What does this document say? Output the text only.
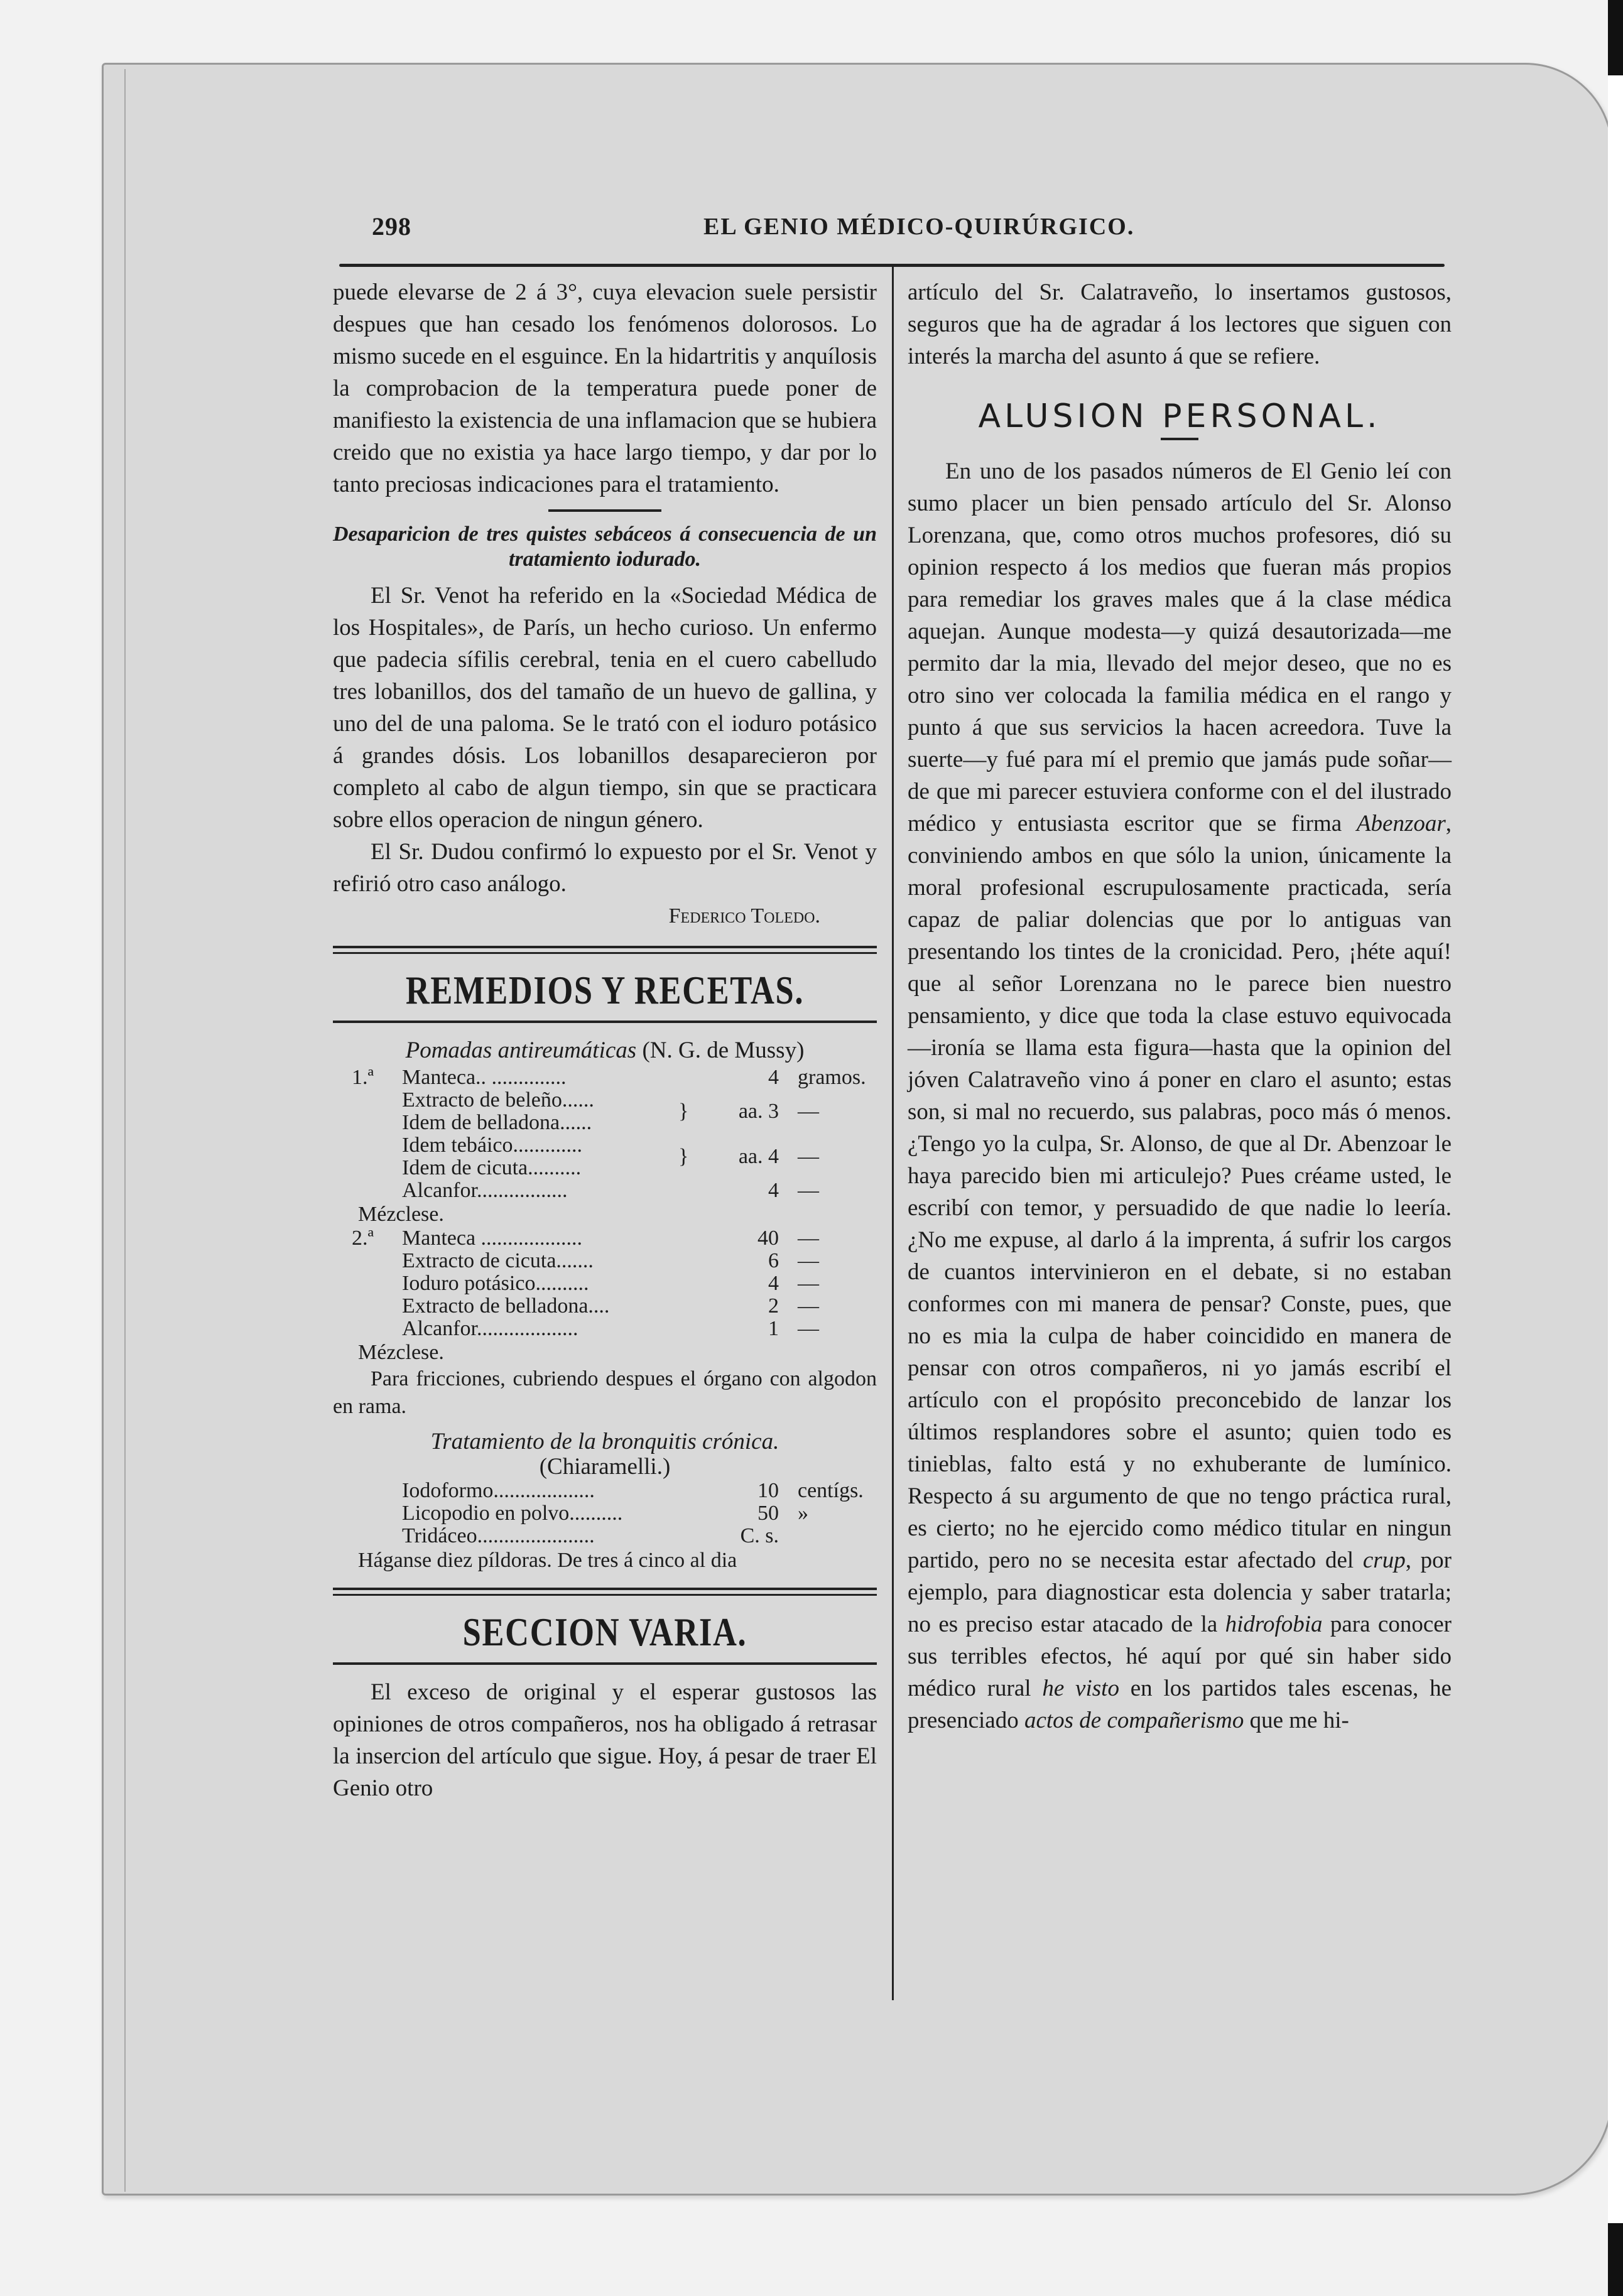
298	EL GENIO MÉDICO-QUIRÚRGICO.

puede elevarse de 2 á 3°, cuya elevacion suele persistir despues que han cesado los fenómenos dolorosos. Lo mismo sucede en el esguince. En la hidartritis y anquílosis la comprobacion de la temperatura puede poner de manifiesto la existencia de una inflamacion que se hubiera creido que no existia ya hace largo tiempo, y dar por lo tanto preciosas indicaciones para el tratamiento.

Desaparicion de tres quistes sebáceos á consecuencia de un tratamiento iodurado.

El Sr. Venot ha referido en la «Sociedad Médica de los Hospitales», de París, un hecho curioso. Un enfermo que padecia sífilis cerebral, tenia en el cuero cabelludo tres lobanillos, dos del tamaño de un huevo de gallina, y uno del de una paloma. Se le trató con el ioduro potásico á grandes dósis. Los lobanillos desaparecieron por completo al cabo de algun tiempo, sin que se practicara sobre ellos operacion de ningun género.

El Sr. Dudou confirmó lo expuesto por el Sr. Venot y refirió otro caso análogo.

Federico Toledo.
REMEDIOS Y RECETAS.
Pomadas antireumáticas (N. G. de Mussy)
1.ª	Manteca.. ..............		4	gramos.
	Extracto de beleño......	}	aa. 3	—
	Idem de belladona......			
	Idem tebáico.............	}	aa. 4	—
	Idem de cicuta..........			
	Alcanfor.................		4	—
Mézclese.
2.ª	Manteca ...................		40	—
	Extracto de cicuta.......		6	—
	Ioduro potásico..........		4	—
	Extracto de belladona....		2	—
	Alcanfor...................		1	—
Mézclese.

Para fricciones, cubriendo despues el órgano con algodon en rama.

Tratamiento de la bronquitis crónica.
(Chiaramelli.)
	Iodoformo...................		10	centígs.
	Licopodio en polvo..........		50	»
	Tridáceo......................		C. s.	
Háganse diez píldoras. De tres á cinco al dia
SECCION VARIA.

El exceso de original y el esperar gustosos las opiniones de otros compañeros, nos ha obligado á retrasar la insercion del artículo que sigue. Hoy, á pesar de traer El Genio otro

artículo del Sr. Calatraveño, lo insertamos gustosos, seguros que ha de agradar á los lectores que siguen con interés la marcha del asunto á que se refiere.

ALUSION PERSONAL.

En uno de los pasados números de El Genio leí con sumo placer un bien pensado artículo del Sr. Alonso Lorenzana, que, como otros muchos profesores, dió su opinion respecto á los medios que fueran más propios para remediar los graves males que á la clase médica aquejan. Aunque modesta—y quizá desautorizada—me permito dar la mia, llevado del mejor deseo, que no es otro sino ver colocada la familia médica en el rango y punto á que sus servicios la hacen acreedora. Tuve la suerte—y fué para mí el premio que jamás pude soñar—de que mi parecer estuviera conforme con el del ilustrado médico y entusiasta escritor que se firma Abenzoar, conviniendo ambos en que sólo la union, únicamente la moral profesional escrupulosamente practicada, sería capaz de paliar dolencias que por lo antiguas van presentando los tintes de la cronicidad. Pero, ¡héte aquí! que al señor Lorenzana no le parece bien nuestro pensamiento, y dice que toda la clase estuvo equivocada—ironía se llama esta figura—hasta que la opinion del jóven Calatraveño vino á poner en claro el asunto; estas son, si mal no recuerdo, sus palabras, poco más ó menos. ¿Tengo yo la culpa, Sr. Alonso, de que al Dr. Abenzoar le haya parecido bien mi articulejo? Pues créame usted, le escribí con temor, y persuadido de que nadie lo leería. ¿No me expuse, al darlo á la imprenta, á sufrir los cargos de cuantos intervinieron en el debate, si no estaban conformes con mi manera de pensar? Conste, pues, que no es mia la culpa de haber coincidido en manera de pensar con otros compañeros, ni yo jamás escribí el artículo con el propósito preconcebido de lanzar los últimos resplandores sobre el asunto; quien todo es tinieblas, falto está y no exhuberante de lumínico. Respecto á su argumento de que no tengo práctica rural, es cierto; no he ejercido como médico titular en ningun partido, pero no se necesita estar afectado del crup, por ejemplo, para diagnosticar esta dolencia y saber tratarla; no es preciso estar atacado de la hidrofobia para conocer sus terribles efectos, hé aquí por qué sin haber sido médico rural he visto en los partidos tales escenas, he presenciado actos de compañerismo que me hi-
